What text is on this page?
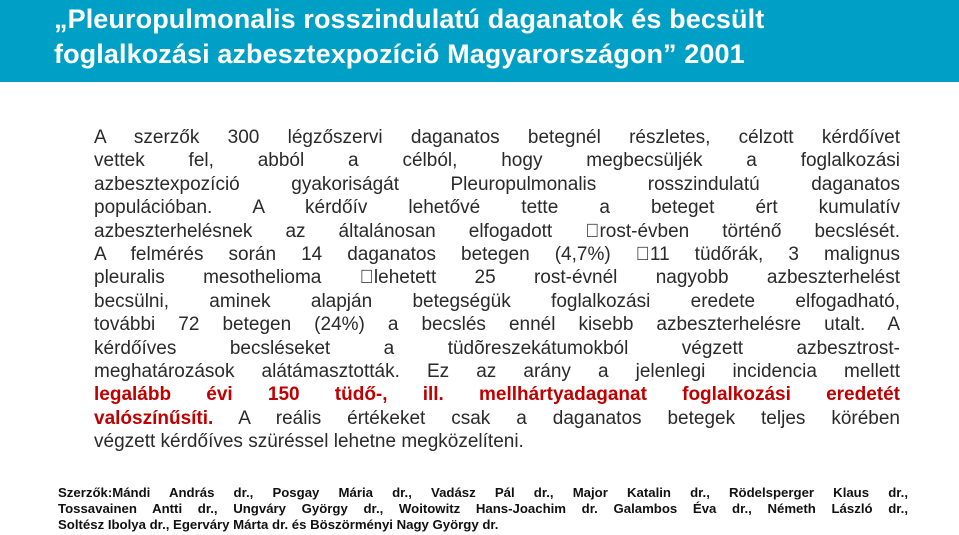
„Pleuropulmonalis rosszindulatú daganatok és becsült
foglalkozási azbesztexpozíció Magyarországon” 2001
A szerzők 300 légzőszervi daganatos betegnél részletes, célzott kérdőívet
vettek fel, abból a célból, hogy megbecsüljék a foglalkozási
azbesztexpozíció gyakoriságát Pleuropulmonalis rosszindulatú daganatos
populációban. A kérdőív lehetővé tette a beteget ért kumulatív
azbeszterhelésnek az általánosan elfogadott  rost-évben történő becslését.
A felmérés során 14 daganatos betegen (4,7%)  11 tüdőrák, 3 malignus
pleuralis mesothelioma  lehetett 25 rost-évnél nagyobb azbeszterhelést
becsülni, aminek alapján betegségük foglalkozási eredete elfogadható,
további 72 betegen (24%) a becslés ennél kisebb azbeszterhelésre utalt. A
kérdőíves becsléseket a tüdõreszekátumokból végzett azbesztrost-
meghatározások alátámasztották. Ez az arány a jelenlegi incidencia mellett
legalább évi 150 tüdő-, ill. mellhártyadaganat foglalkozási eredetét
valószínűsíti. A reális értékeket csak a daganatos betegek teljes körében
végzett kérdőíves szüréssel lehetne megközelíteni.
Szerzők:Mándi András dr., Posgay Mária dr., Vadász Pál dr., Major Katalin dr., Rödelsperger Klaus dr.,
Tossavainen Antti dr., Ungváry György dr., Woitowitz Hans-Joachim dr. Galambos Éva dr., Németh László dr.,
Soltész Ibolya dr., Egerváry Márta dr. és Böszörményi Nagy György dr.
